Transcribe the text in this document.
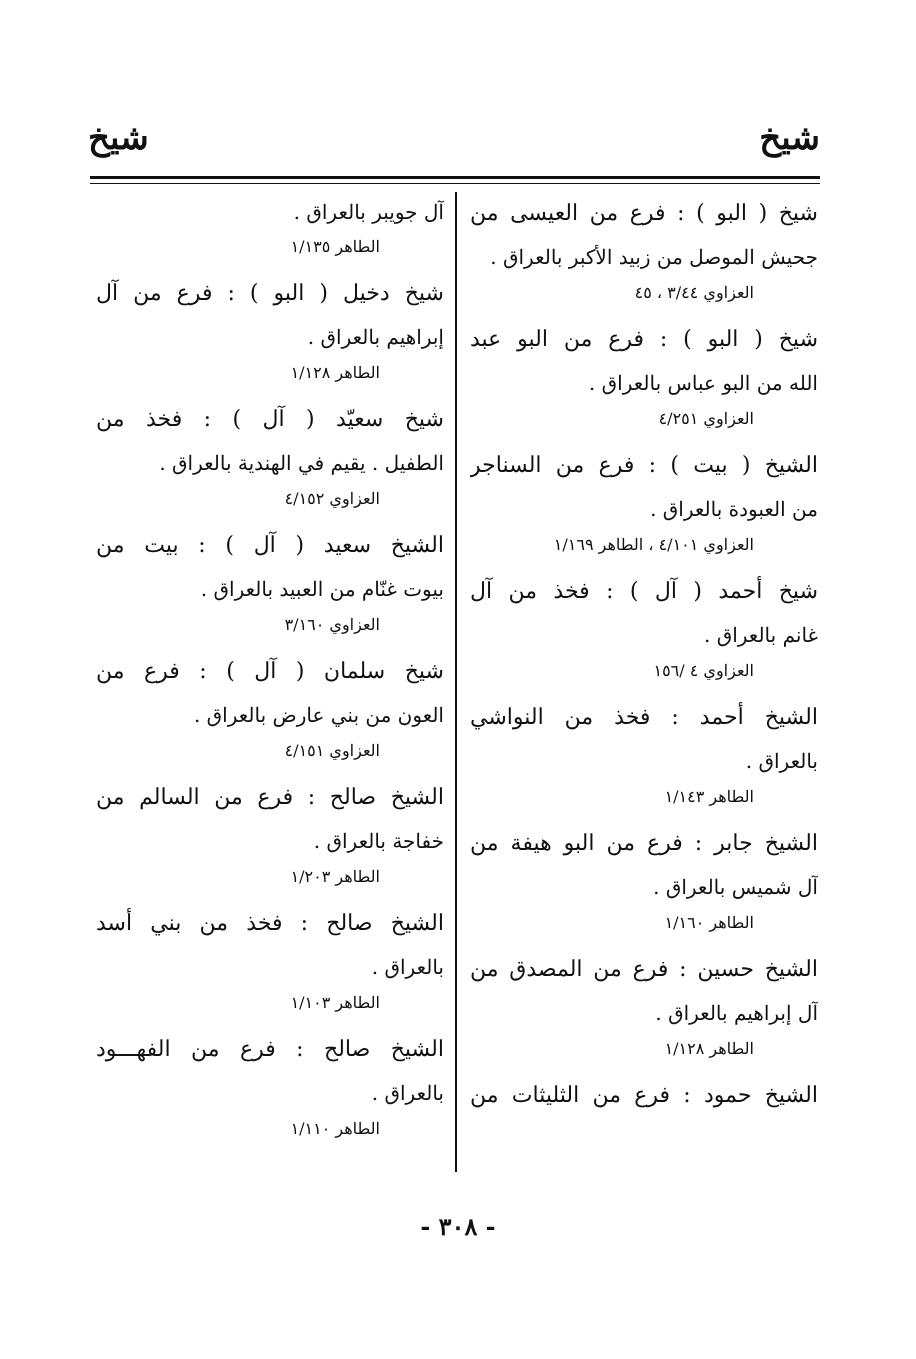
شيخ
شيخ
شيخ ( البو ) : فرع من العيسى من
جحيش الموصل من زبيد الأكبر بالعراق .
العزاوي ٣/٤٤ ، ٤٥
شيخ ( البو ) : فرع من البو عبد
الله من البو عباس بالعراق .
العزاوي ٤/٢٥١
الشيخ ( بيت ) : فرع من السناجر
من العبودة بالعراق .
العزاوي ٤/١٠١ ، الطاهر ١/١٦٩
شيخ أحمد ( آل ) : فخذ من آل
غانم بالعراق .
العزاوي ٤ /١٥٦
الشيخ أحمد : فخذ من النواشي
بالعراق .
الطاهر ١/١٤٣
الشيخ جابر : فرع من البو هيفة من
آل شميس بالعراق .
الطاهر ١/١٦٠
الشيخ حسين : فرع من المصدق من
آل إبراهيم بالعراق .
الطاهر ١/١٢٨
الشيخ حمود : فرع من الثليثات من
آل جويبر بالعراق .
الطاهر ١/١٣٥
شيخ دخيل ( البو ) : فرع من آل
إبراهيم بالعراق .
الطاهر ١/١٢٨
شيخ سعيّد ( آل ) : فخذ من
الطفيل . يقيم في الهندية بالعراق .
العزاوي ٤/١٥٢
الشيخ سعيد ( آل ) : بيت من
بيوت غنّام من العبيد بالعراق .
العزاوي ٣/١٦٠
شيخ سلمان ( آل ) : فرع من
العون من بني عارض بالعراق .
العزاوي ٤/١٥١
الشيخ صالح : فرع من السالم من
خفاجة بالعراق .
الطاهر ١/٢٠٣
الشيخ صالح : فخذ من بني أسد
بالعراق .
الطاهر ١/١٠٣
الشيخ صالح : فرع من الفهـــود
بالعراق .
الطاهر ١/١١٠
- ٣٠٨ -
